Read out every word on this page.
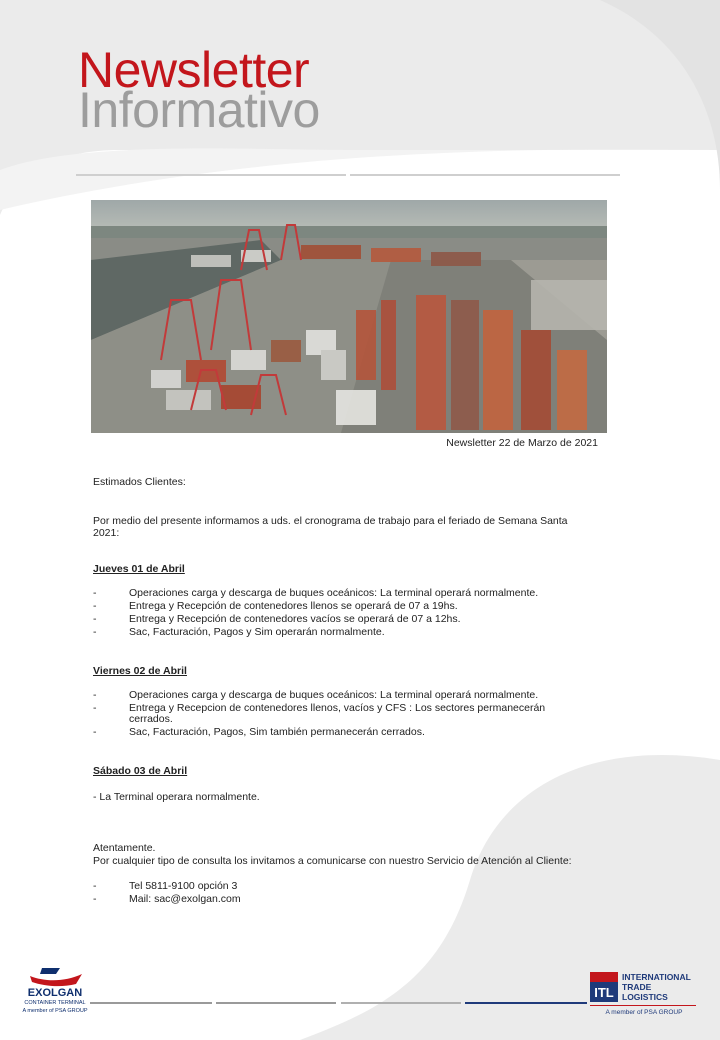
Newsletter
Informativo
Newsletter 22 de Marzo de 2021
Estimados Clientes:
Por medio del presente informamos a uds. el cronograma de trabajo para el feriado de Semana Santa 2021:
Jueves 01 de Abril
-	Operaciones carga y descarga de buques oceánicos: La terminal operará normalmente.
-	Entrega y Recepción de contenedores llenos se operará de 07 a 19hs.
-	Entrega y Recepción de contenedores vacíos se operará de 07 a 12hs.
-	Sac, Facturación, Pagos y Sim operarán normalmente.
Viernes 02 de Abril
-	Operaciones carga y descarga de buques oceánicos: La terminal operará normalmente.
-	Entrega y Recepcion de contenedores llenos, vacíos y CFS : Los sectores permanecerán cerrados.
-	Sac, Facturación, Pagos, Sim también permanecerán cerrados.
Sábado 03 de Abril
- La Terminal operara normalmente.
Atentamente.
Por cualquier tipo de consulta los invitamos a comunicarse con nuestro Servicio de Atención al Cliente:
-	Tel 5811-9100 opción 3
-	Mail: sac@exolgan.com
EXOLGAN
CONTAINER TERMINAL
A member of PSA GROUP
ITL
INTERNATIONAL
TRADE
LOGISTICS
A member of PSA GROUP
